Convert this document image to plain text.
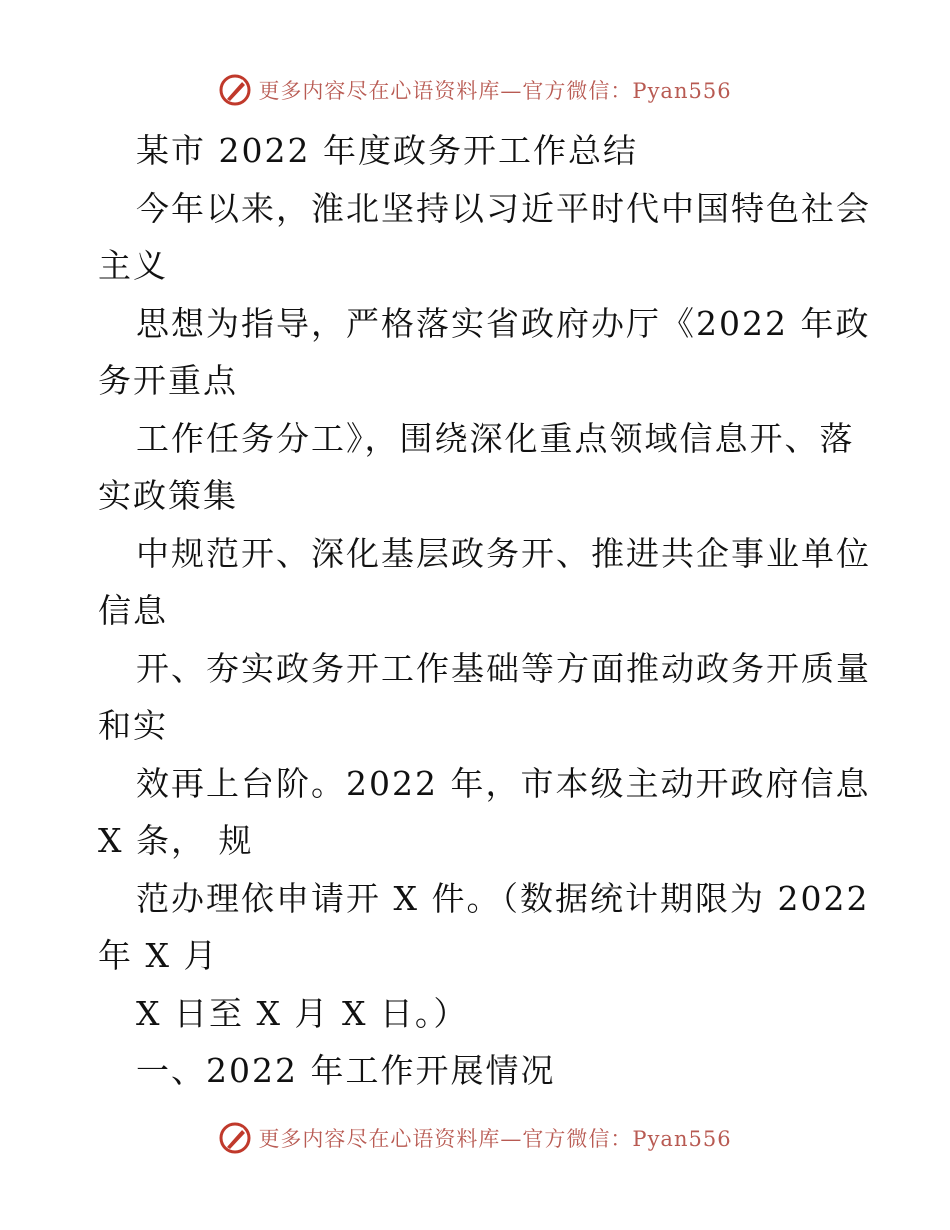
更多内容尽在心语资料库—官方微信：Pyan556
某市 2022 年度政务开工作总结
今年以来，淮北坚持以习近平时代中国特色社会
主义
思想为指导，严格落实省政府办厅《2022 年政
务开重点
工作任务分工》，围绕深化重点领域信息开、落
实政策集
中规范开、深化基层政务开、推进共企事业单位
信息
开、夯实政务开工作基础等方面推动政务开质量
和实
效再上台阶。2022 年，市本级主动开政府信息
X 条， 规
范办理依申请开 X 件。（数据统计期限为 2022
年 X 月
X 日至 X 月 X 日。）
一、2022 年工作开展情况
更多内容尽在心语资料库—官方微信：Pyan556
